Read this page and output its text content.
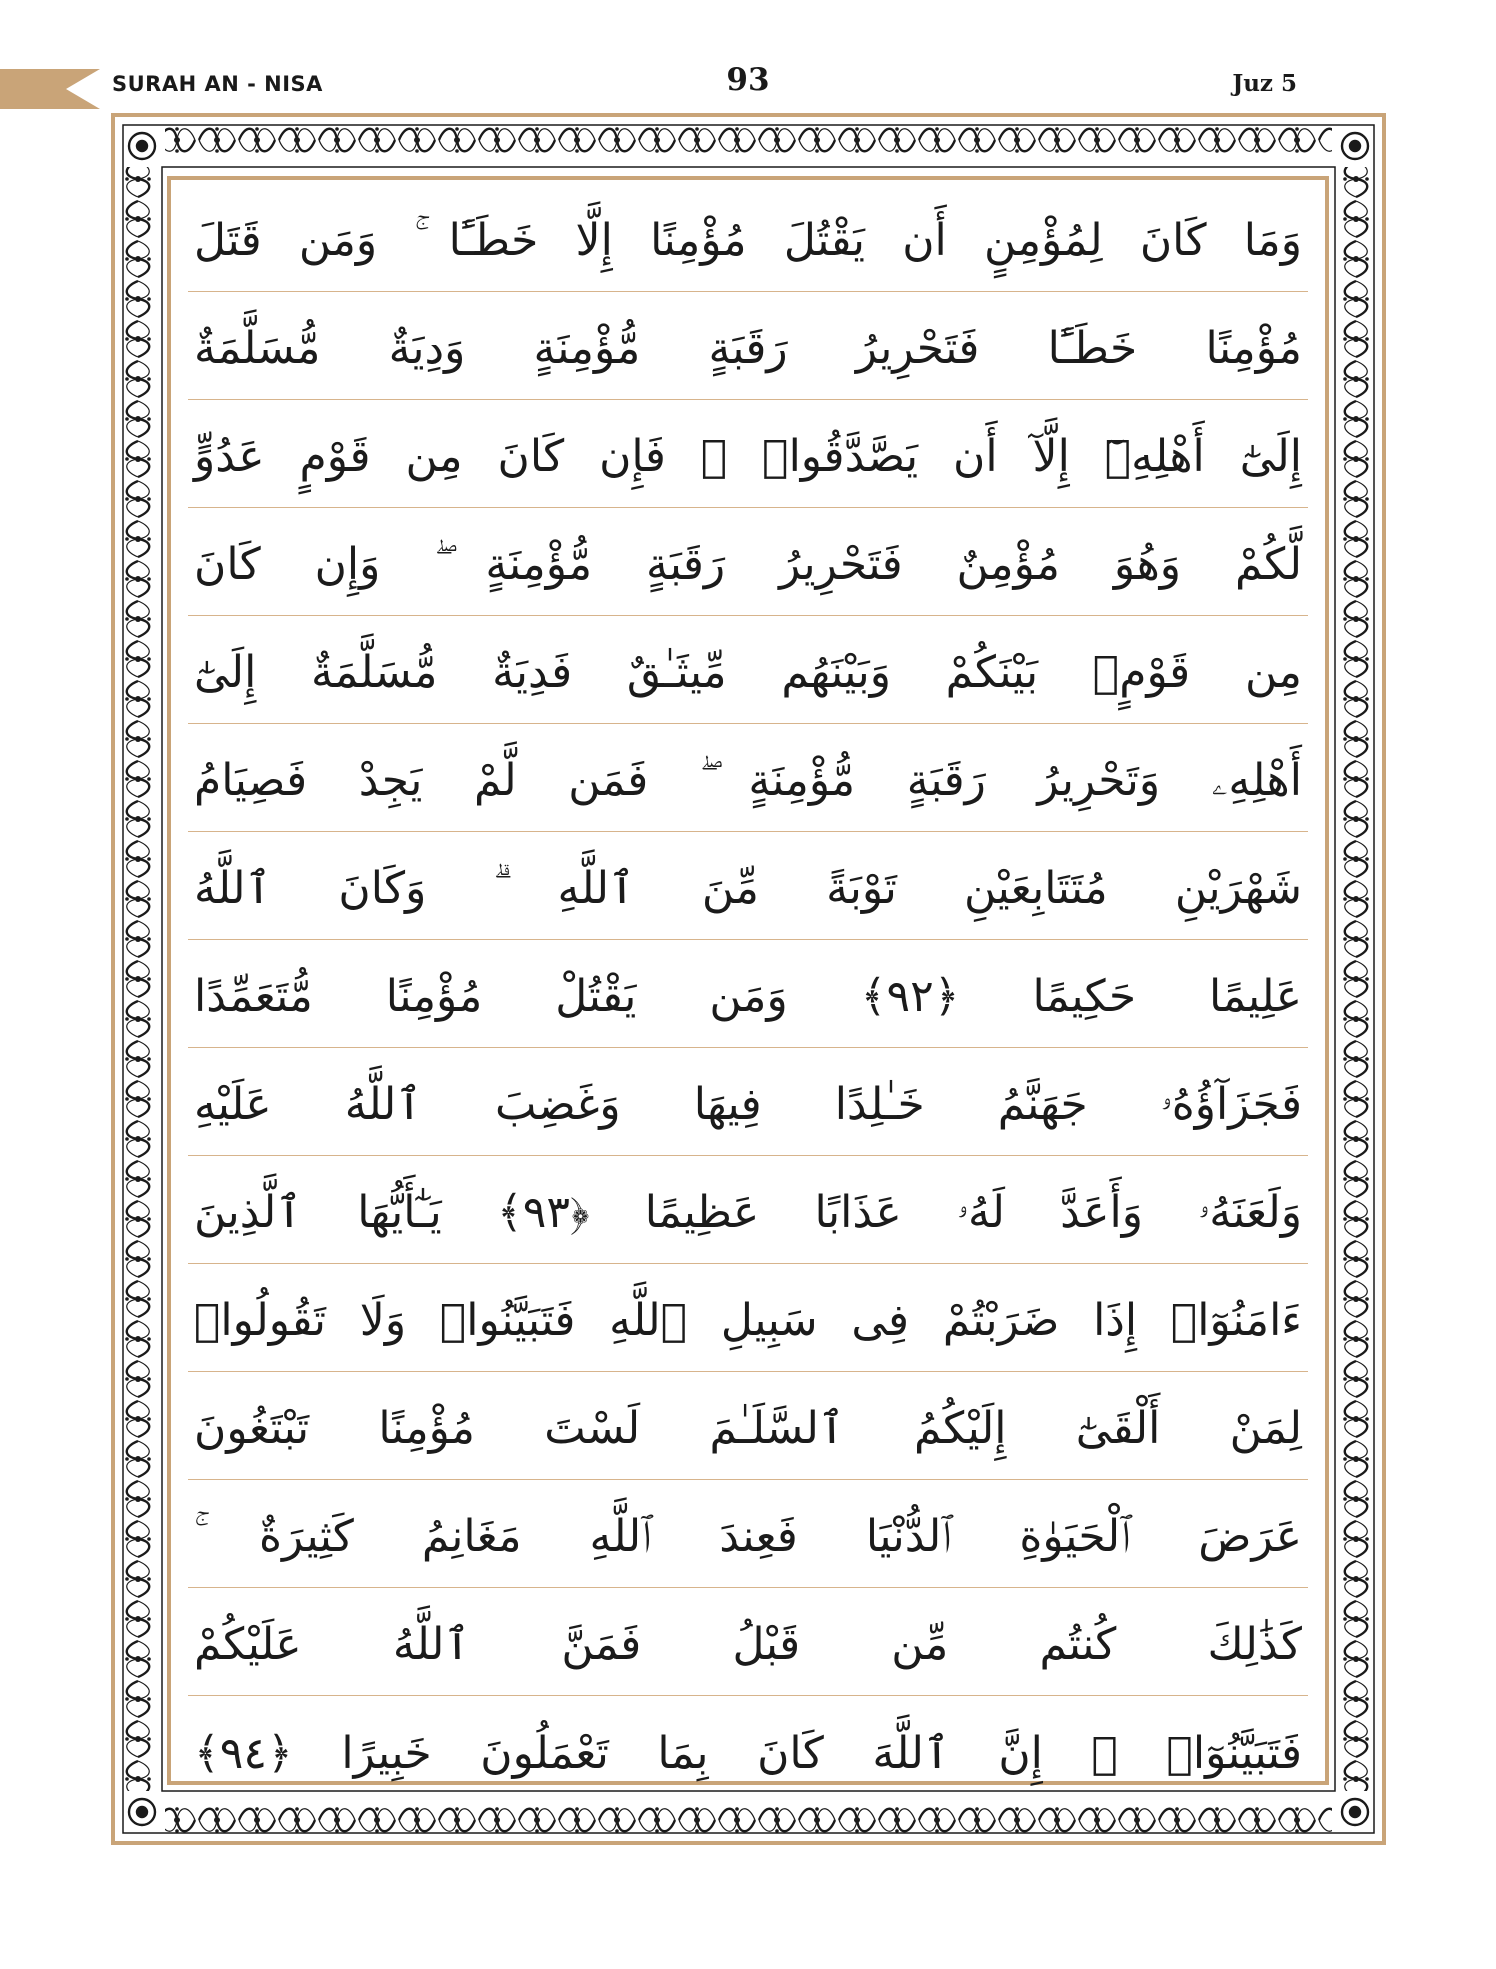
SURAH AN - NISA	93	Juz 5
وَمَا كَانَ لِمُؤْمِنٍ أَن يَقْتُلَ مُؤْمِنًا إِلَّا خَطَـًٔا ۚ وَمَن قَتَلَ
مُؤْمِنًا خَطَـًٔا فَتَحْرِيرُ رَقَبَةٍ مُّؤْمِنَةٍ وَدِيَةٌ مُّسَلَّمَةٌ
إِلَىٰٓ أَهْلِهِۦٓ إِلَّآ أَن يَصَّدَّقُوا۟ ۚ فَإِن كَانَ مِن قَوْمٍ عَدُوٍّ
لَّكُمْ وَهُوَ مُؤْمِنٌ فَتَحْرِيرُ رَقَبَةٍ مُّؤْمِنَةٍ ۖ وَإِن كَانَ
مِن قَوْمٍۭ بَيْنَكُمْ وَبَيْنَهُم مِّيثَـٰقٌ فَدِيَةٌ مُّسَلَّمَةٌ إِلَىٰٓ
أَهْلِهِۦ وَتَحْرِيرُ رَقَبَةٍ مُّؤْمِنَةٍ ۖ فَمَن لَّمْ يَجِدْ فَصِيَامُ
شَهْرَيْنِ مُتَتَابِعَيْنِ تَوْبَةً مِّنَ ٱللَّهِ ۗ وَكَانَ ٱللَّهُ
عَلِيمًا حَكِيمًا ﴿٩٢﴾ وَمَن يَقْتُلْ مُؤْمِنًا مُّتَعَمِّدًا
فَجَزَآؤُهُۥ جَهَنَّمُ خَـٰلِدًا فِيهَا وَغَضِبَ ٱللَّهُ عَلَيْهِ
وَلَعَنَهُۥ وَأَعَدَّ لَهُۥ عَذَابًا عَظِيمًا ﴿٩٣﴾ يَـٰٓأَيُّهَا ٱلَّذِينَ
ءَامَنُوٓا۟ إِذَا ضَرَبْتُمْ فِى سَبِيلِ ٱللَّهِ فَتَبَيَّنُوا۟ وَلَا تَقُولُوا۟
لِمَنْ أَلْقَىٰٓ إِلَيْكُمُ ٱلسَّلَـٰمَ لَسْتَ مُؤْمِنًا تَبْتَغُونَ
عَرَضَ ٱلْحَيَوٰةِ ٱلدُّنْيَا فَعِندَ ٱللَّهِ مَغَانِمُ كَثِيرَةٌ ۚ
كَذَٰلِكَ كُنتُم مِّن قَبْلُ فَمَنَّ ٱللَّهُ عَلَيْكُمْ
فَتَبَيَّنُوٓا۟ ۚ إِنَّ ٱللَّهَ كَانَ بِمَا تَعْمَلُونَ خَبِيرًا ﴿٩٤﴾
